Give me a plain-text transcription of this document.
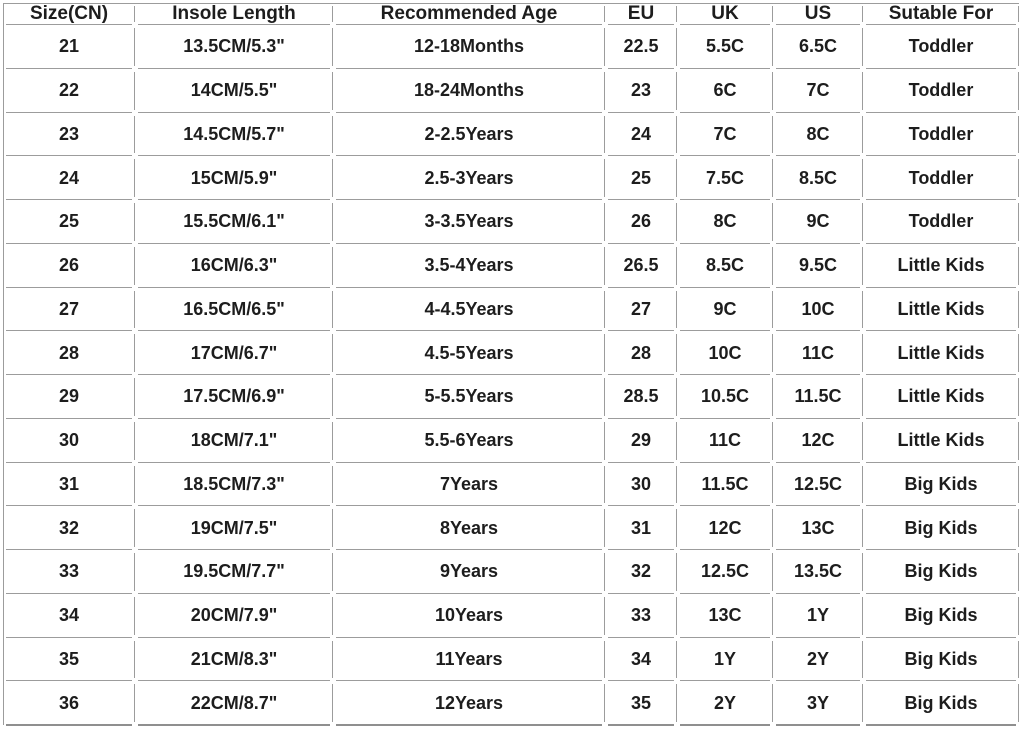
Size(CN)	Insole Length	Recommended Age	EU	UK	US	Sutable For
21	13.5CM/5.3"	12-18Months	22.5	5.5C	6.5C	Toddler
22	14CM/5.5"	18-24Months	23	6C	7C	Toddler
23	14.5CM/5.7"	2-2.5Years	24	7C	8C	Toddler
24	15CM/5.9"	2.5-3Years	25	7.5C	8.5C	Toddler
25	15.5CM/6.1"	3-3.5Years	26	8C	9C	Toddler
26	16CM/6.3"	3.5-4Years	26.5	8.5C	9.5C	Little Kids
27	16.5CM/6.5"	4-4.5Years	27	9C	10C	Little Kids
28	17CM/6.7"	4.5-5Years	28	10C	11C	Little Kids
29	17.5CM/6.9"	5-5.5Years	28.5	10.5C	11.5C	Little Kids
30	18CM/7.1"	5.5-6Years	29	11C	12C	Little Kids
31	18.5CM/7.3"	7Years	30	11.5C	12.5C	Big Kids
32	19CM/7.5"	8Years	31	12C	13C	Big Kids
33	19.5CM/7.7"	9Years	32	12.5C	13.5C	Big Kids
34	20CM/7.9"	10Years	33	13C	1Y	Big Kids
35	21CM/8.3"	11Years	34	1Y	2Y	Big Kids
36	22CM/8.7"	12Years	35	2Y	3Y	Big Kids
